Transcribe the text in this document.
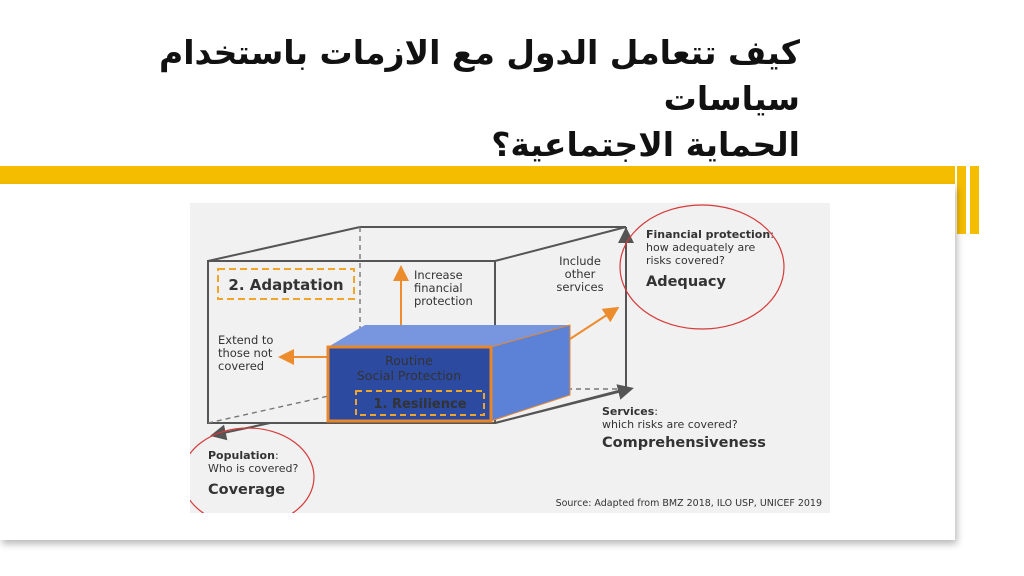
كيف تتعامل الدول مع الازمات باستخدام سياسات
الحماية الاجتماعية؟
2. Adaptation
Increase
financial
protection
Include
other
services
Extend to
those not
covered	Routine
Social Protection
1. Resilience
Financial protection:
how adequately are
risks covered?
Adequacy
Services:
which risks are covered?
Comprehensiveness
Population:
Who is covered?
Coverage
Source: Adapted from BMZ 2018, ILO USP, UNICEF 2019
